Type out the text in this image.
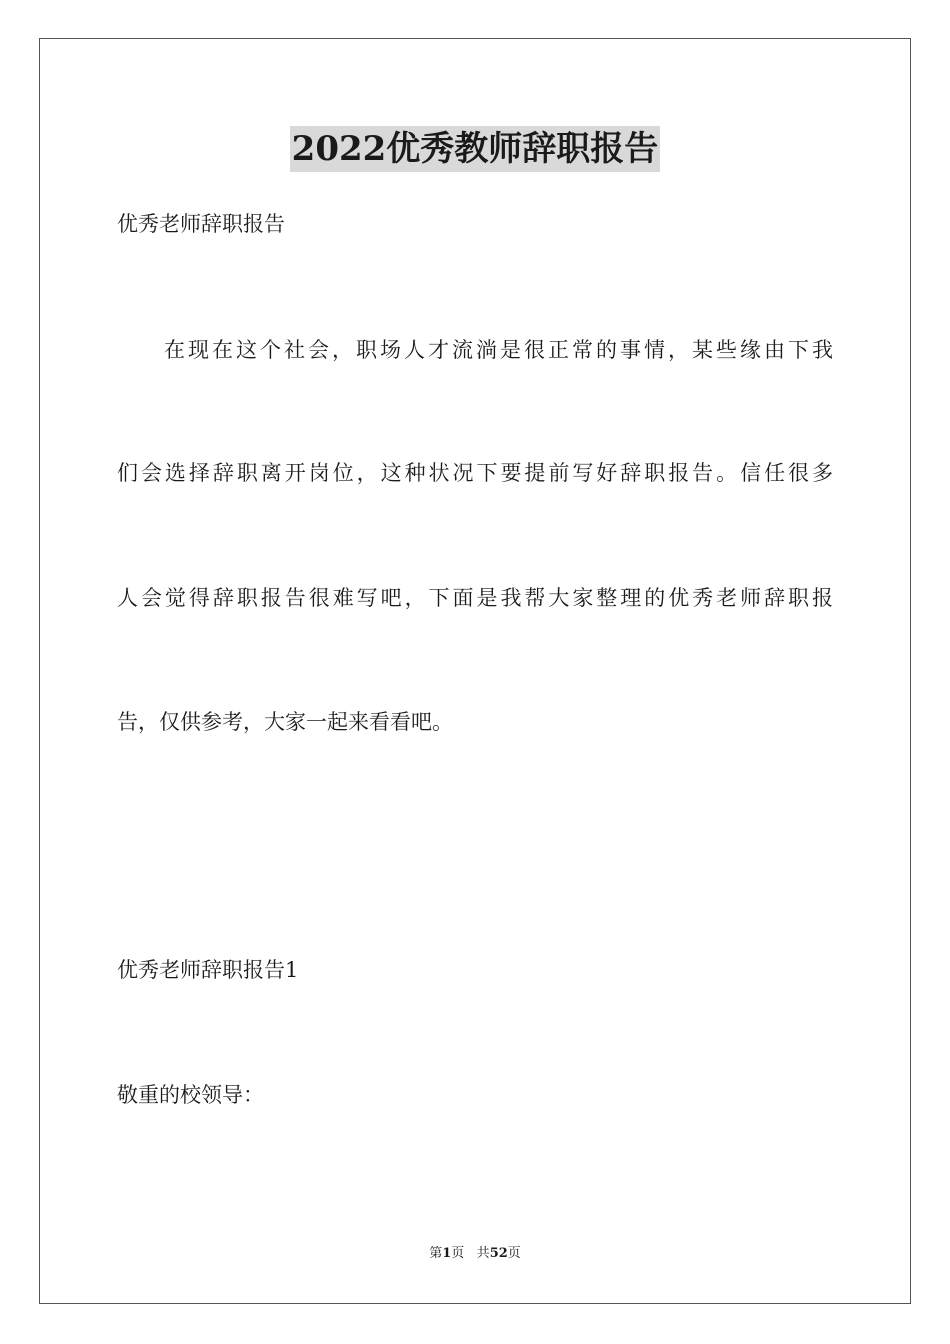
2022优秀教师辞职报告

优秀老师辞职报告

在现在这个社会，职场人才流淌是很正常的事情，某些缘由下我

们会选择辞职离开岗位，这种状况下要提前写好辞职报告。信任很多

人会觉得辞职报告很难写吧，下面是我帮大家整理的优秀老师辞职报

告，仅供参考，大家一起来看看吧。

优秀老师辞职报告1

敬重的校领导：

第1页 共52页
